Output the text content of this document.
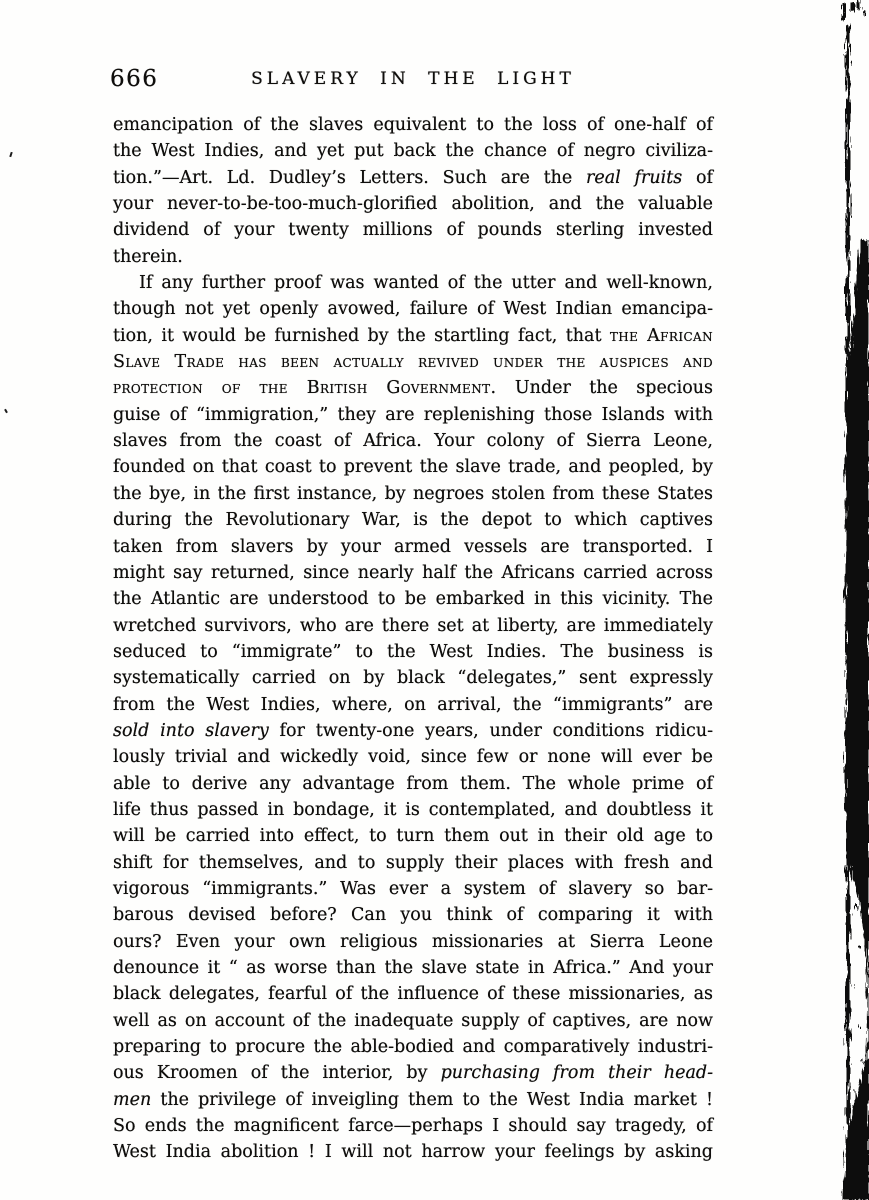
666	SLAVERY IN THE LIGHT
emancipation of the slaves equivalent to the loss of one-half of
the West Indies, and yet put back the chance of negro civiliza-
tion.”—Art. Ld. Dudley’s Letters. Such are the real fruits of
your never-to-be-too-much-glorified abolition, and the valuable
dividend of your twenty millions of pounds sterling invested
therein.
If any further proof was wanted of the utter and well-known,
though not yet openly avowed, failure of West Indian emancipa-
tion, it would be furnished by the startling fact, that the African
Slave Trade has been actually revived under the auspices and
protection of the British Government. Under the specious
guise of “immigration,” they are replenishing those Islands with
slaves from the coast of Africa. Your colony of Sierra Leone,
founded on that coast to prevent the slave trade, and peopled, by
the bye, in the first instance, by negroes stolen from these States
during the Revolutionary War, is the depot to which captives
taken from slavers by your armed vessels are transported. I
might say returned, since nearly half the Africans carried across
the Atlantic are understood to be embarked in this vicinity. The
wretched survivors, who are there set at liberty, are immediately
seduced to “immigrate” to the West Indies. The business is
systematically carried on by black “delegates,” sent expressly
from the West Indies, where, on arrival, the “immigrants” are
sold into slavery for twenty-one years, under conditions ridicu-
lously trivial and wickedly void, since few or none will ever be
able to derive any advantage from them. The whole prime of
life thus passed in bondage, it is contemplated, and doubtless it
will be carried into effect, to turn them out in their old age to
shift for themselves, and to supply their places with fresh and
vigorous “immigrants.” Was ever a system of slavery so bar-
barous devised before? Can you think of comparing it with
ours? Even your own religious missionaries at Sierra Leone
denounce it “ as worse than the slave state in Africa.” And your
black delegates, fearful of the influence of these missionaries, as
well as on account of the inadequate supply of captives, are now
preparing to procure the able-bodied and comparatively industri-
ous Kroomen of the interior, by purchasing from their head-
men the privilege of inveigling them to the West India market !
So ends the magnificent farce—perhaps I should say tragedy, of
West India abolition ! I will not harrow your feelings by asking
